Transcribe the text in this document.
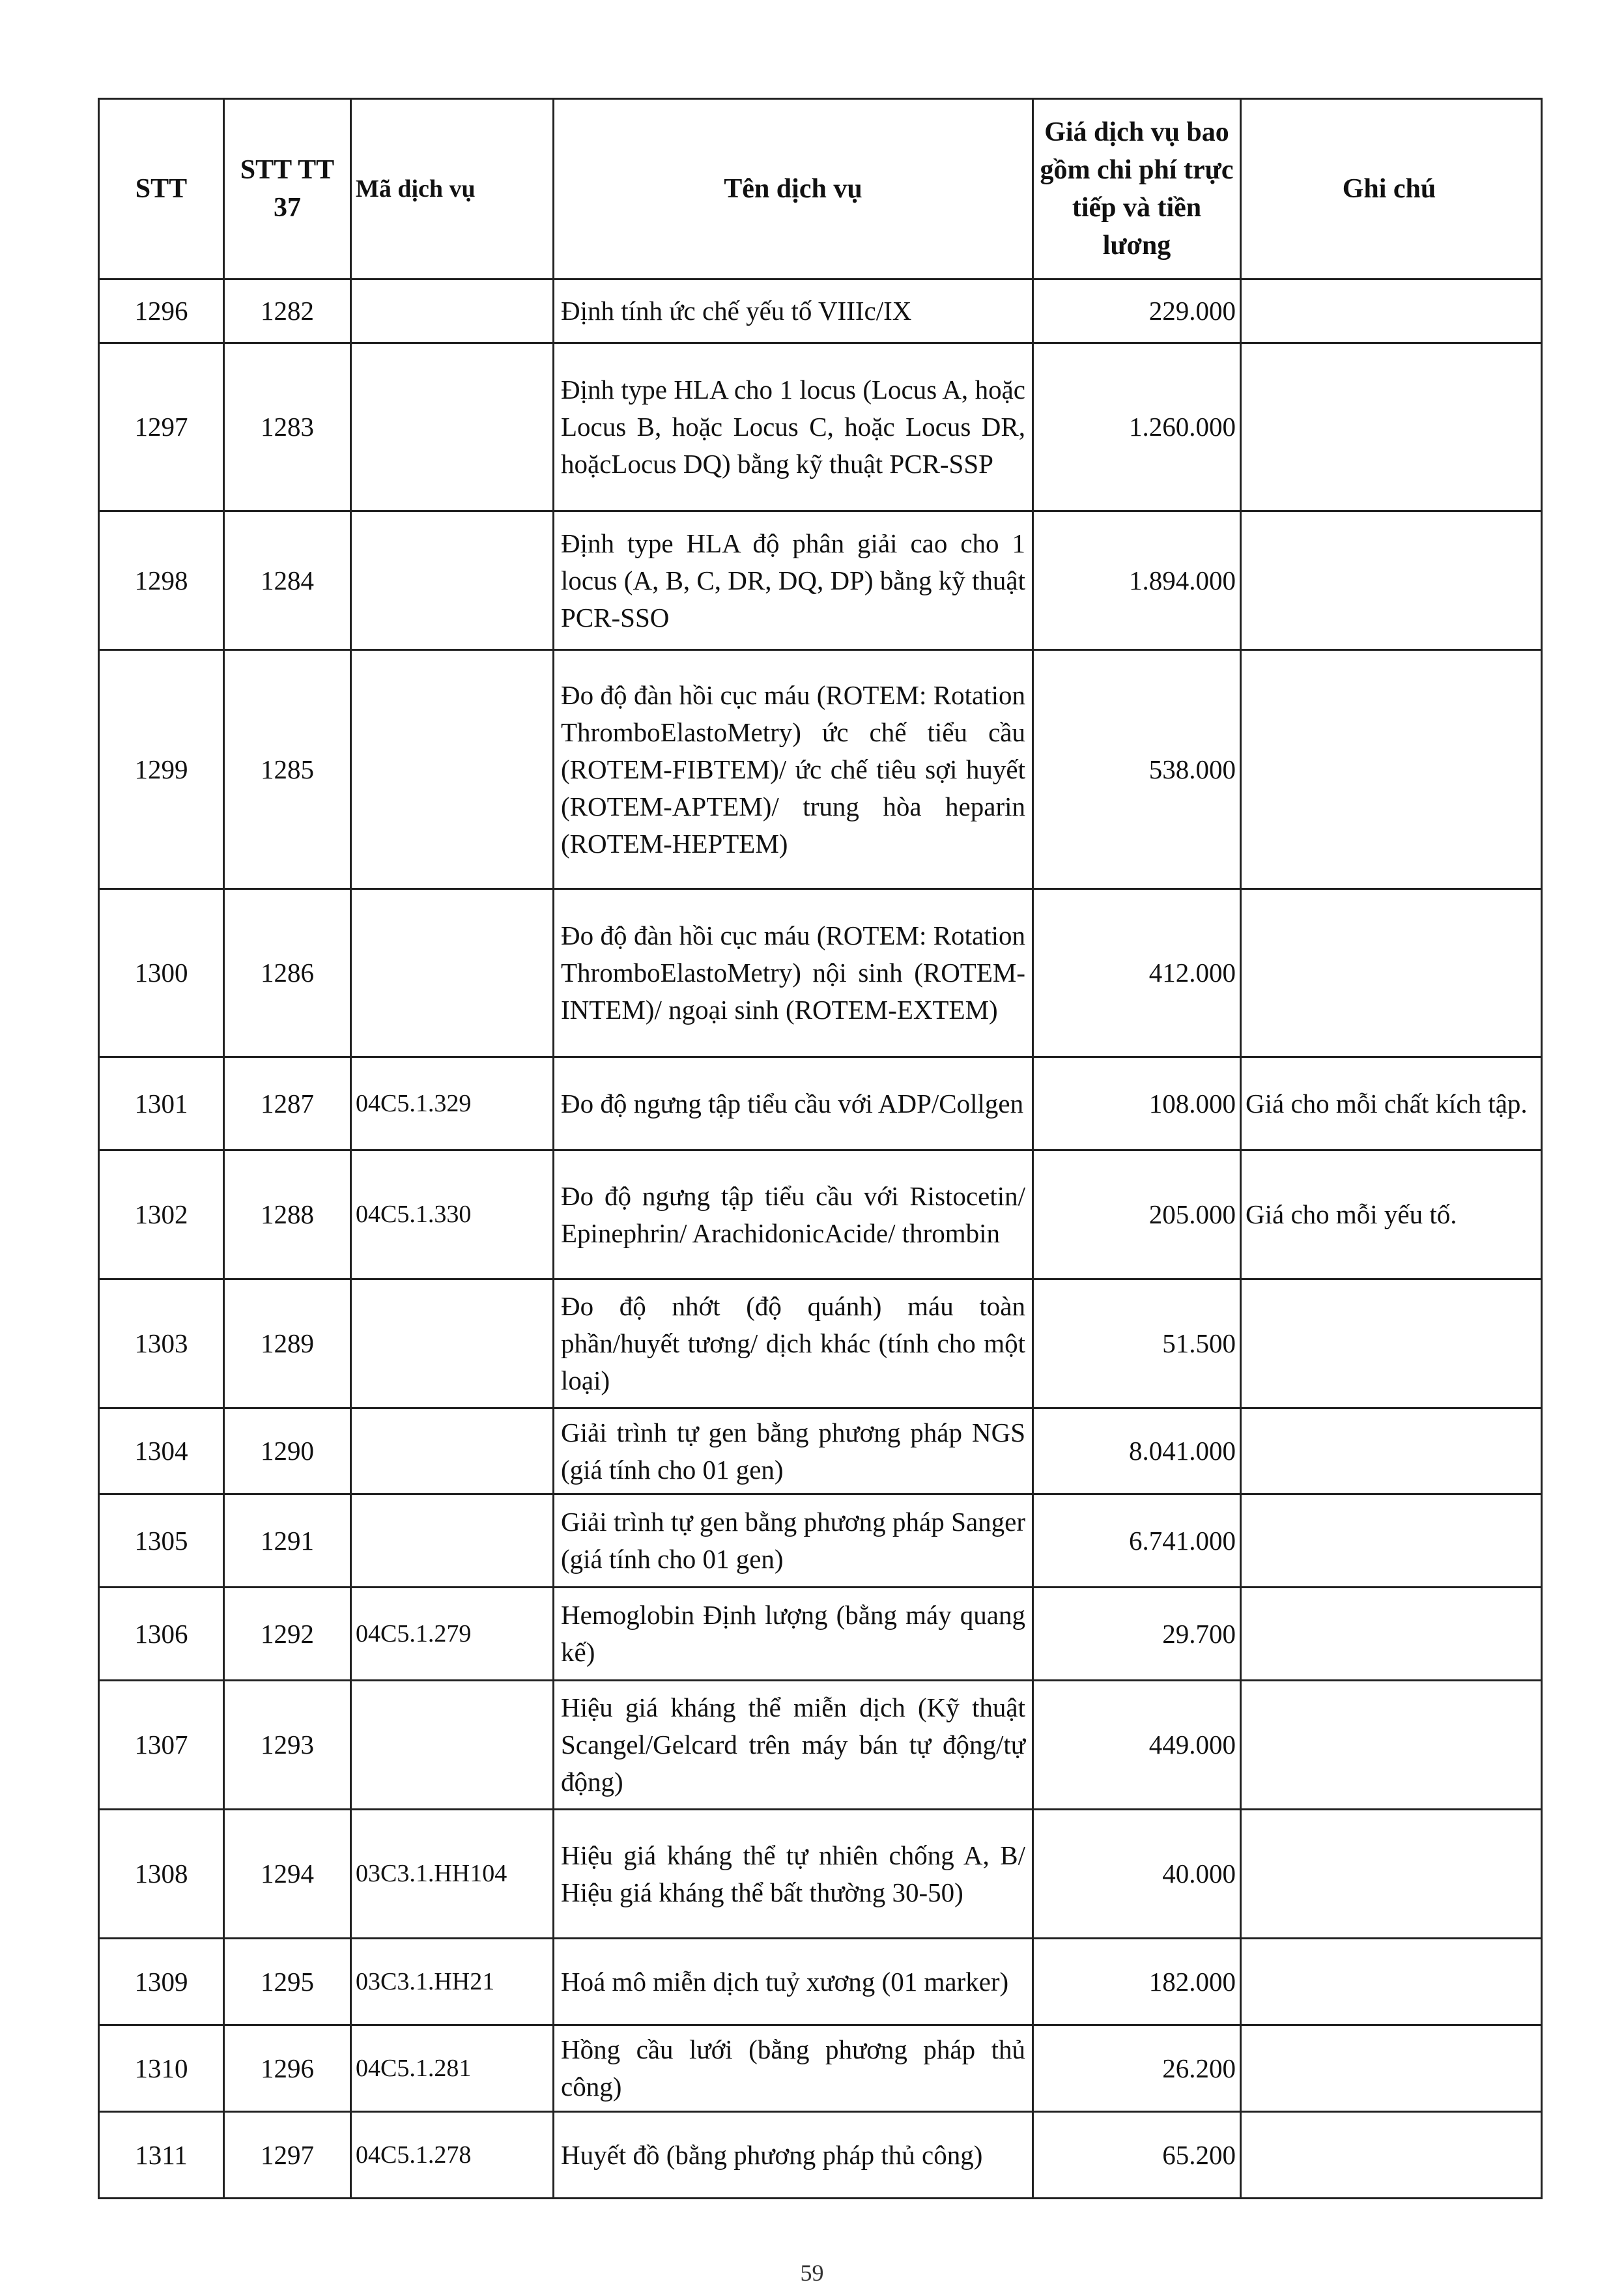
STT	STT TT 37	Mã dịch vụ	Tên dịch vụ	Giá dịch vụ bao gồm chi phí trực tiếp và tiền lương	Ghi chú
1296	1282		Định tính ức chế yếu tố VIIIc/IX	229.000	
1297	1283		Định type HLA cho 1 locus (Locus A, hoặc Locus B, hoặc Locus C, hoặc Locus DR, hoặcLocus DQ) bằng kỹ thuật PCR-SSP	1.260.000	
1298	1284		Định type HLA độ phân giải cao cho 1 locus (A, B, C, DR, DQ, DP) bằng kỹ thuật PCR-SSO	1.894.000	
1299	1285		Đo độ đàn hồi cục máu (ROTEM: Rotation ThromboElastoMetry) ức chế tiểu cầu (ROTEM-FIBTEM)/ ức chế tiêu sợi huyết (ROTEM-APTEM)/ trung hòa heparin (ROTEM-HEPTEM)	538.000	
1300	1286		Đo độ đàn hồi cục máu (ROTEM: Rotation ThromboElastoMetry) nội sinh (ROTEM-INTEM)/ ngoại sinh (ROTEM-EXTEM)	412.000	
1301	1287	04C5.1.329	Đo độ ngưng tập tiểu cầu với ADP/Collgen	108.000	Giá cho mỗi chất kích tập.
1302	1288	04C5.1.330	Đo độ ngưng tập tiểu cầu với Ristocetin/ Epinephrin/ ArachidonicAcide/ thrombin	205.000	Giá cho mỗi yếu tố.
1303	1289		Đo độ nhớt (độ quánh) máu toàn phần/huyết tương/ dịch khác (tính cho một loại)	51.500	
1304	1290		Giải trình tự gen bằng phương pháp NGS (giá tính cho 01 gen)	8.041.000	
1305	1291		Giải trình tự gen bằng phương pháp Sanger (giá tính cho 01 gen)	6.741.000	
1306	1292	04C5.1.279	Hemoglobin Định lượng (bằng máy quang kế)	29.700	
1307	1293		Hiệu giá kháng thể miễn dịch (Kỹ thuật Scangel/Gelcard trên máy bán tự động/tự động)	449.000	
1308	1294	03C3.1.HH104	Hiệu giá kháng thể tự nhiên chống A, B/ Hiệu giá kháng thể bất thường 30-50)	40.000	
1309	1295	03C3.1.HH21	Hoá mô miễn dịch tuỷ xương (01 marker)	182.000	
1310	1296	04C5.1.281	Hồng cầu lưới (bằng phương pháp thủ công)	26.200	
1311	1297	04C5.1.278	Huyết đồ (bằng phương pháp thủ công)	65.200	
59
